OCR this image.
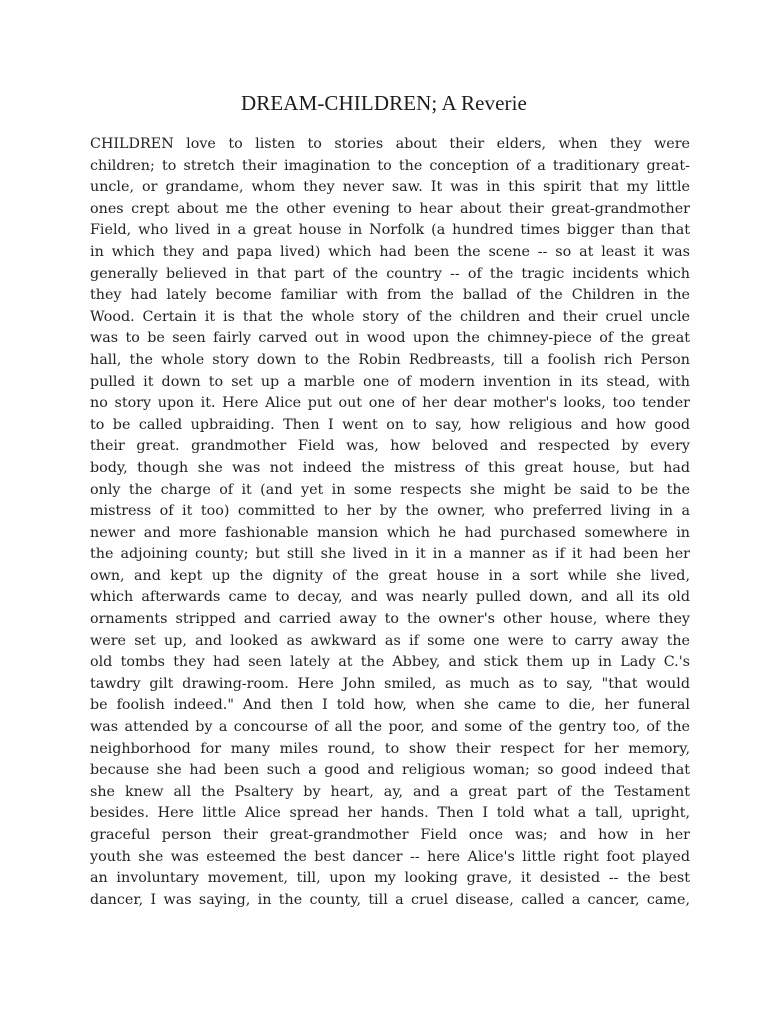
DREAM-CHILDREN; A Reverie
CHILDREN love to listen to stories about their elders, when they were
children; to stretch their imagination to the conception of a traditionary great-
uncle, or grandame, whom they never saw. It was in this spirit that my little
ones crept about me the other evening to hear about their great-grandmother
Field, who lived in a great house in Norfolk (a hundred times bigger than that
in which they and papa lived) which had been the scene -- so at least it was
generally believed in that part of the country -- of the tragic incidents which
they had lately become familiar with from the ballad of the Children in the
Wood. Certain it is that the whole story of the children and their cruel uncle
was to be seen fairly carved out in wood upon the chimney-piece of the great
hall, the whole story down to the Robin Redbreasts, till a foolish rich Person
pulled it down to set up a marble one of modern invention in its stead, with
no story upon it. Here Alice put out one of her dear mother's looks, too tender
to be called upbraiding. Then I went on to say, how religious and how good
their great. grandmother Field was, how beloved and respected by every
body, though she was not indeed the mistress of this great house, but had
only the charge of it (and yet in some respects she might be said to be the
mistress of it too) committed to her by the owner, who preferred living in a
newer and more fashionable mansion which he had purchased somewhere in
the adjoining county; but still she lived in it in a manner as if it had been her
own, and kept up the dignity of the great house in a sort while she lived,
which afterwards came to decay, and was nearly pulled down, and all its old
ornaments stripped and carried away to the owner's other house, where they
were set up, and looked as awkward as if some one were to carry away the
old tombs they had seen lately at the Abbey, and stick them up in Lady C.'s
tawdry gilt drawing-room. Here John smiled, as much as to say, "that would
be foolish indeed." And then I told how, when she came to die, her funeral
was attended by a concourse of all the poor, and some of the gentry too, of the
neighborhood for many miles round, to show their respect for her memory,
because she had been such a good and religious woman; so good indeed that
she knew all the Psaltery by heart, ay, and a great part of the Testament
besides. Here little Alice spread her hands. Then I told what a tall, upright,
graceful person their great-grandmother Field once was; and how in her
youth she was esteemed the best dancer -- here Alice's little right foot played
an involuntary movement, till, upon my looking grave, it desisted -- the best
dancer, I was saying, in the county, till a cruel disease, called a cancer, came,
